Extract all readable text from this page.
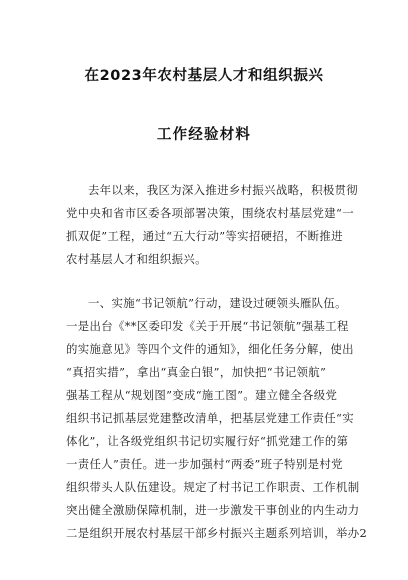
在2023年农村基层人才和组织振兴
工作经验材料
去年以来，我区为深入推进乡村振兴战略，积极贯彻
党中央和省市区委各项部署决策，围绕农村基层党建“一
抓双促”工程，通过“五大行动”等实招硬招，不断推进
农村基层人才和组织振兴。
一、实施“书记领航”行动，建设过硬领头雁队伍。
一是出台《**区委印发《关于开展“书记领航”强基工程
的实施意见》等四个文件的通知》，细化任务分解，使出
“真招实措”，拿出“真金白银”，加快把“书记领航”
强基工程从“规划图”变成“施工图”。建立健全各级党
组织书记抓基层党建整改清单，把基层党建工作责任“实
体化”，让各级党组织书记切实履行好“抓党建工作的第
一责任人”责任。进一步加强村“两委”班子特别是村党
组织带头人队伍建设。规定了村书记工作职责、工作机制
突出健全激励保障机制，进一步激发干事创业的内生动力
二是组织开展农村基层干部乡村振兴主题系列培训，举办2
